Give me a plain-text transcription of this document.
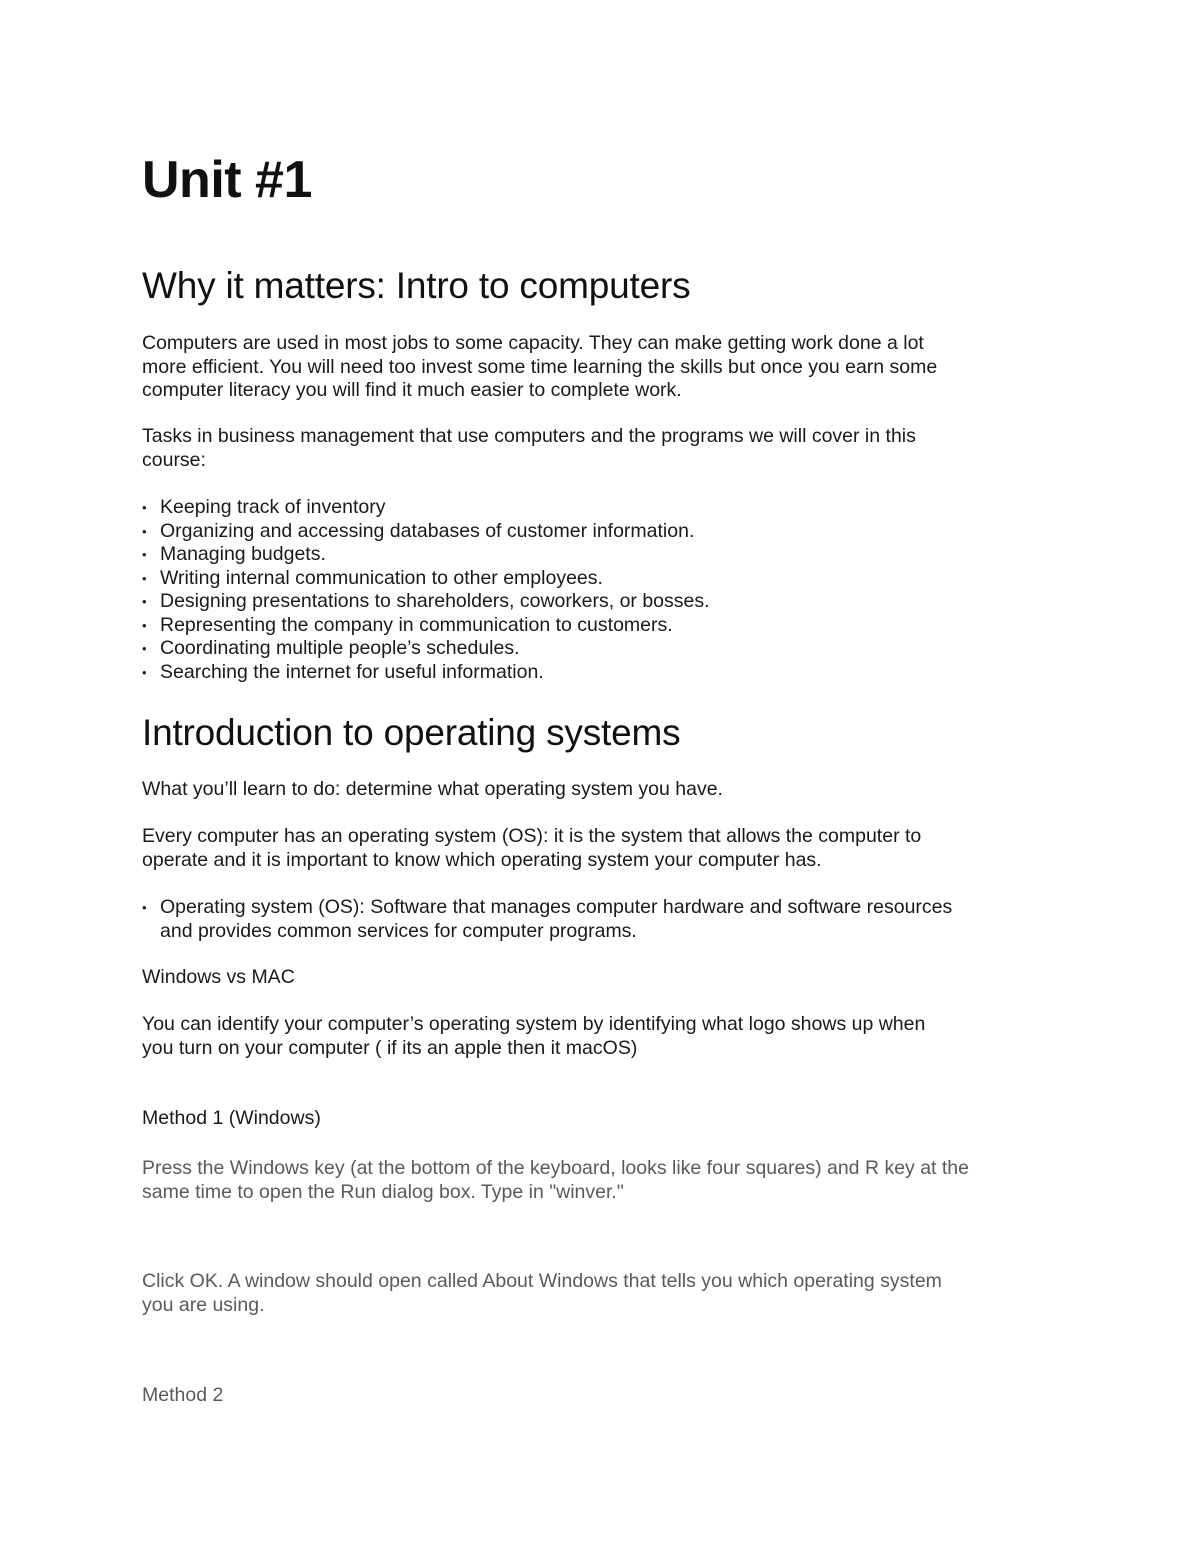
Unit #1
Why it matters: Intro to computers
Computers are used in most jobs to some capacity. They can make getting work done a lot
more efficient. You will need too invest some time learning the skills but once you earn some
computer literacy you will find it much easier to complete work.
Tasks in business management that use computers and the programs we will cover in this
course:
• Keeping track of inventory
• Organizing and accessing databases of customer information.
• Managing budgets.
• Writing internal communication to other employees.
• Designing presentations to shareholders, coworkers, or bosses.
• Representing the company in communication to customers.
• Coordinating multiple people’s schedules.
• Searching the internet for useful information.
Introduction to operating systems
What you’ll learn to do: determine what operating system you have.
Every computer has an operating system (OS): it is the system that allows the computer to
operate and it is important to know which operating system your computer has.
• Operating system (OS): Software that manages computer hardware and software resources
and provides common services for computer programs.
Windows vs MAC
You can identify your computer’s operating system by identifying what logo shows up when
you turn on your computer ( if its an apple then it macOS)
Method 1 (Windows)
Press the Windows key (at the bottom of the keyboard, looks like four squares) and R key at the
same time to open the Run dialog box. Type in "winver."
Click OK. A window should open called About Windows that tells you which operating system
you are using.
Method 2
